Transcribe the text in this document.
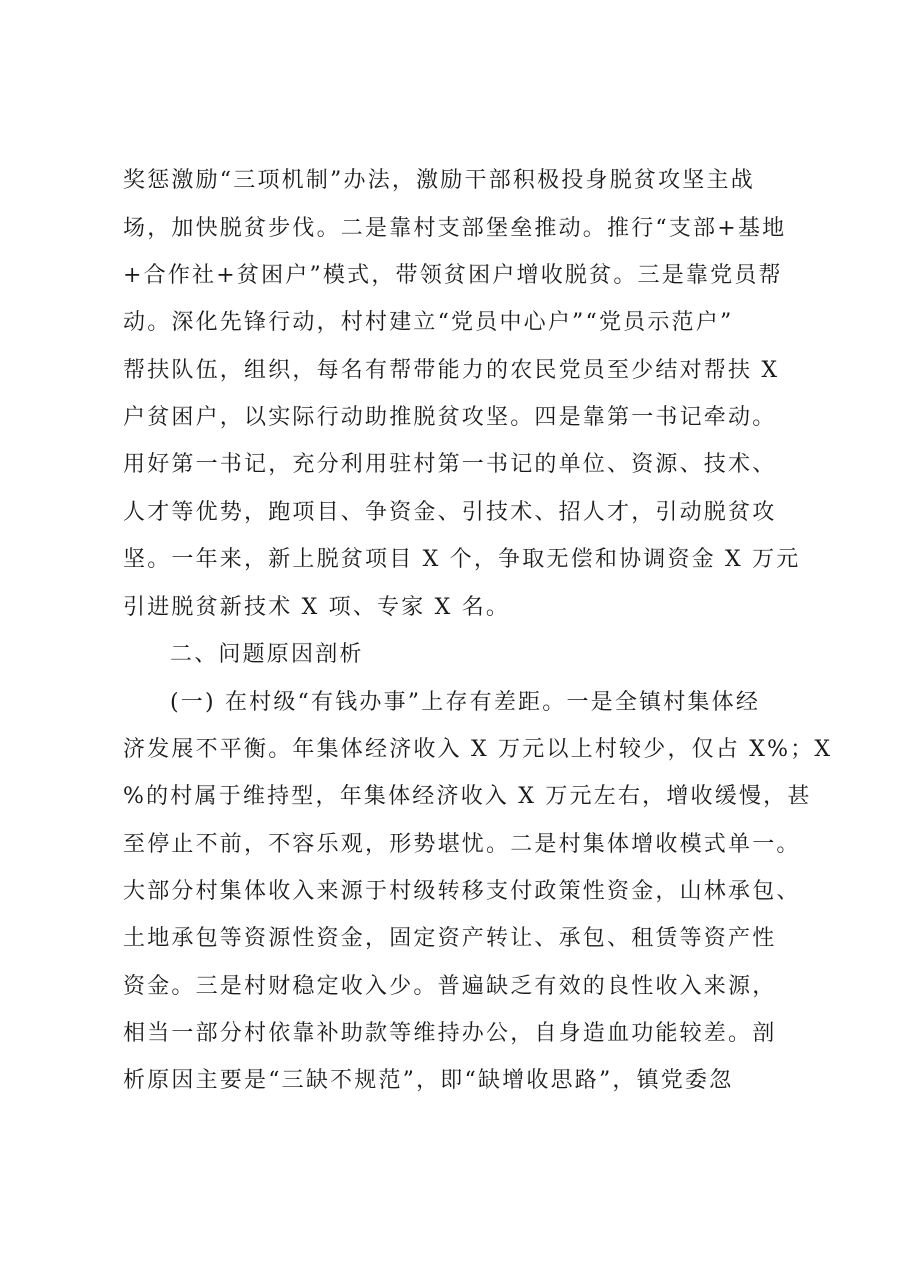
奖惩激励“三项机制”办法，激励干部积极投身脱贫攻坚主战
场，加快脱贫步伐。二是靠村支部堡垒推动。推行“支部+基地
+合作社+贫困户”模式，带领贫困户增收脱贫。三是靠党员帮
动。深化先锋行动，村村建立“党员中心户”“党员示范户”
帮扶队伍，组织，每名有帮带能力的农民党员至少结对帮扶 X
户贫困户，以实际行动助推脱贫攻坚。四是靠第一书记牵动。
用好第一书记，充分利用驻村第一书记的单位、资源、技术、
人才等优势，跑项目、争资金、引技术、招人才，引动脱贫攻
坚。一年来，新上脱贫项目 X 个，争取无偿和协调资金 X 万元
引进脱贫新技术 X 项、专家 X 名。
二、问题原因剖析
(一) 在村级“有钱办事”上存有差距。一是全镇村集体经
济发展不平衡。年集体经济收入 X 万元以上村较少，仅占 X%；X
%的村属于维持型，年集体经济收入 X 万元左右，增收缓慢，甚
至停止不前，不容乐观，形势堪忧。二是村集体增收模式单一。
大部分村集体收入来源于村级转移支付政策性资金，山林承包、
土地承包等资源性资金，固定资产转让、承包、租赁等资产性
资金。三是村财稳定收入少。普遍缺乏有效的良性收入来源，
相当一部分村依靠补助款等维持办公，自身造血功能较差。剖
析原因主要是“三缺不规范”，即“缺增收思路”，镇党委忽
